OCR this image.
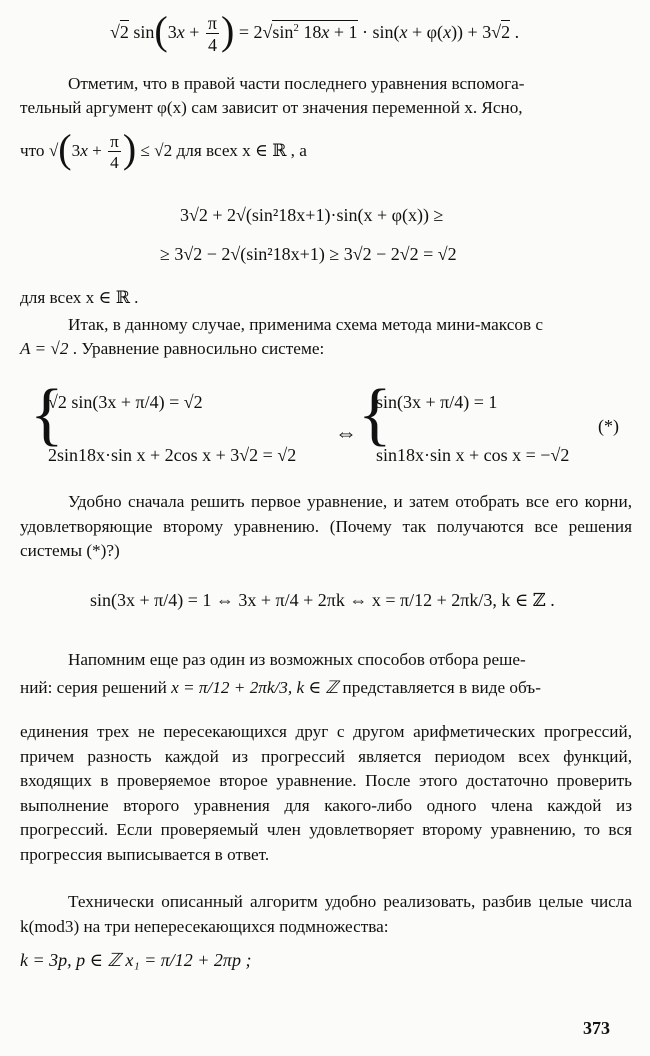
√2 $\sin(3x + \frac{\pi}{4}$ ) = $2√\sin^2$ 18x + 1 · sin(x + φ(x)) + 3√2 .
Отметим, что в правой части последнего уравнения вспомога-
тельный аргумент φ(x) сам зависит от значения переменной x. Ясно,
что $√(3x + \frac{\pi}{4}$ ) ≤ √2 для всех x ∈ ℝ , а
3√2 + 2√(sin²18x+1)·sin(x + φ(x)) ≥
≥ 3√2 − 2√(sin²18x+1) ≥ 3√2 − 2√2 = √2
для всех x ∈ ℝ .
Итак, в данному случае, применима схема метода мини-максов с
A = √2 . Уравнение равносильно системе:
{
√2 sin(3x + π/4) = √2
2sin18x·sin x + 2cos x + 3√2 = √2
⇔ {
sin(3x + π/4) = 1
sin18x·sin x + cos x = −√2
(*)
Удобно сначала решить первое уравнение, и затем отобрать все его корни, удовлетворяющие второму уравнению. (Почему так получаются все решения системы (*)?)
sin(3x + π/4) = 1 ⇔ 3x + π/4 + 2πk ⇔ x = π/12 + 2πk/3, k ∈ ℤ .
Напомним еще раз один из возможных способов отбора реше-
ний: серия решений x = π/12 + 2πk/3, k ∈ ℤ представляется в виде объ-
единения трех не пересекающихся друг с другом арифметических прогрессий, причем разность каждой из прогрессий является периодом всех функций, входящих в проверяемое второе уравнение. После этого достаточно проверить выполнение второго уравнения для какого-либо одного члена каждой из прогрессий. Если проверяемый член удовлетворяет второму уравнению, то вся прогрессия выписывается в ответ.
Технически описанный алгоритм удобно реализовать, разбив целые числа k(mod3) на три непересекающихся подмножества:
k = 3p, p ∈ ℤ x₁ = π/12 + 2πp ;
373
